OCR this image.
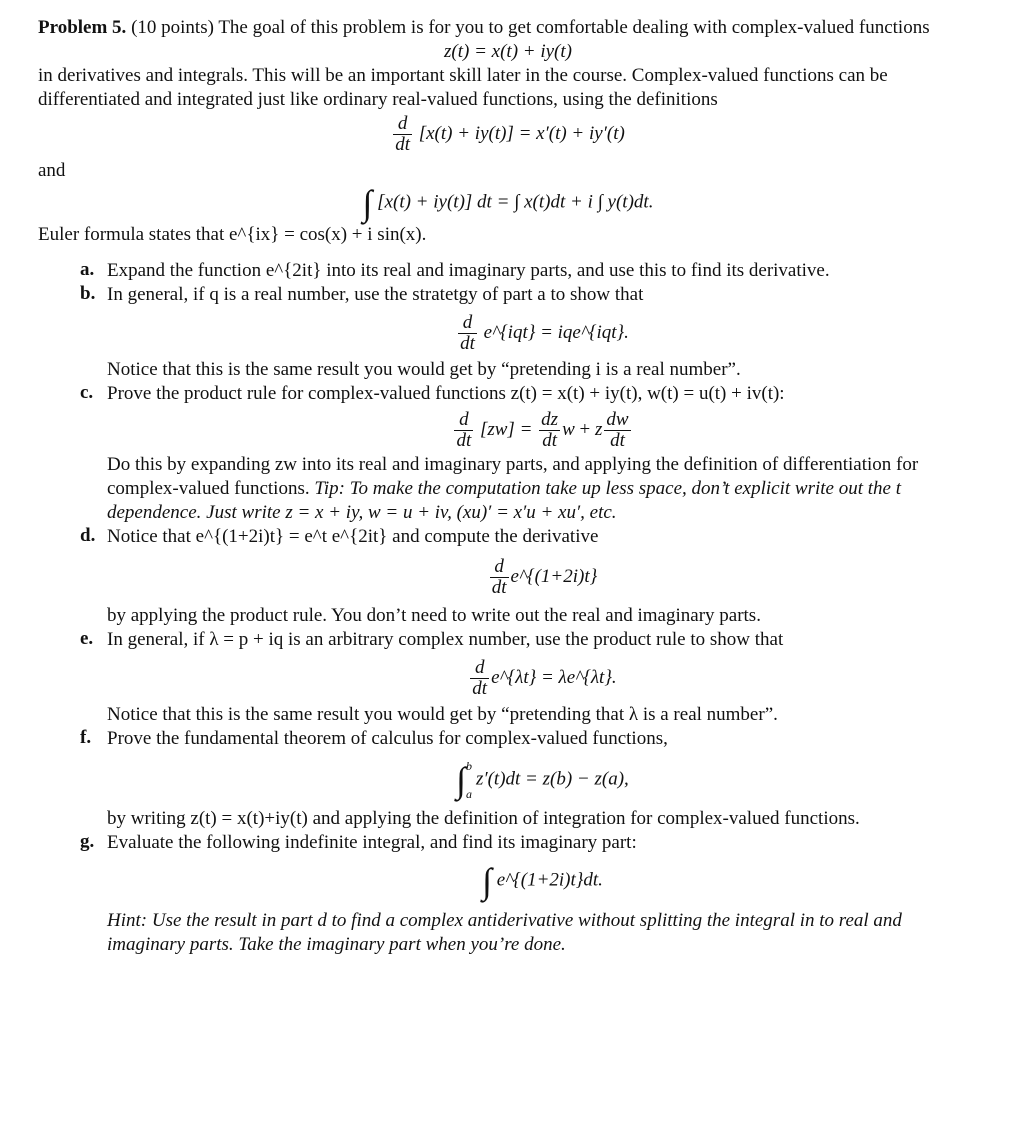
Problem 5. (10 points) The goal of this problem is for you to get comfortable dealing with complex-valued functions

z(t) = x(t) + iy(t)

in derivatives and integrals. This will be an important skill later in the course. Complex-valued functions can be differentiated and integrated just like ordinary real-valued functions, using the definitions

$\frac{d}{dt} [x(t) + iy(t)] = x'(t) + iy'(t)$

and

∫ [x(t) + iy(t)] dt = ∫ x(t)dt + i ∫ y(t)dt.

Euler formula states that e^{ix} = cos(x) + i sin(x).

a. Expand the function e^{2it} into its real and imaginary parts, and use this to find its derivative.

b. In general, if q is a real number, use the stratetgy of part a to show that

$\frac{d}{dt}$ e^{iqt} = iqe^{iqt}.

Notice that this is the same result you would get by “pretending i is a real number”.

c. Prove the product rule for complex-valued functions z(t) = x(t) + iy(t), w(t) = u(t) + iv(t):

$\frac{d}{dt} [zw] = \frac{dz}{dt}$ w + z $\frac{dw}{dt}$

Do this by expanding zw into its real and imaginary parts, and applying the definition of differentiation for complex-valued functions. Tip: To make the computation take up less space, don’t explicit write out the t dependence. Just write z = x + iy, w = u + iv, (xu)′ = x′u + xu′, etc.

d. Notice that e^{(1+2i)t} = e^t e^{2it} and compute the derivative

$\frac{d}{dt}$ e^{(1+2i)t}

by applying the product rule. You don’t need to write out the real and imaginary parts.

e. In general, if λ = p + iq is an arbitrary complex number, use the product rule to show that

$\frac{d}{dt}$ e^{λt} = λe^{λt}.

Notice that this is the same result you would get by “pretending that λ is a real number”.

f. Prove the fundamental theorem of calculus for complex-valued functions,

∫b

az′(t)dt = z(b) − z(a),

by writing z(t) = x(t)+iy(t) and applying the definition of integration for complex-valued functions.

g. Evaluate the following indefinite integral, and find its imaginary part:

∫ e^{(1+2i)t}dt.

Hint: Use the result in part d to find a complex antiderivative without splitting the integral in to real and imaginary parts. Take the imaginary part when you’re done.
